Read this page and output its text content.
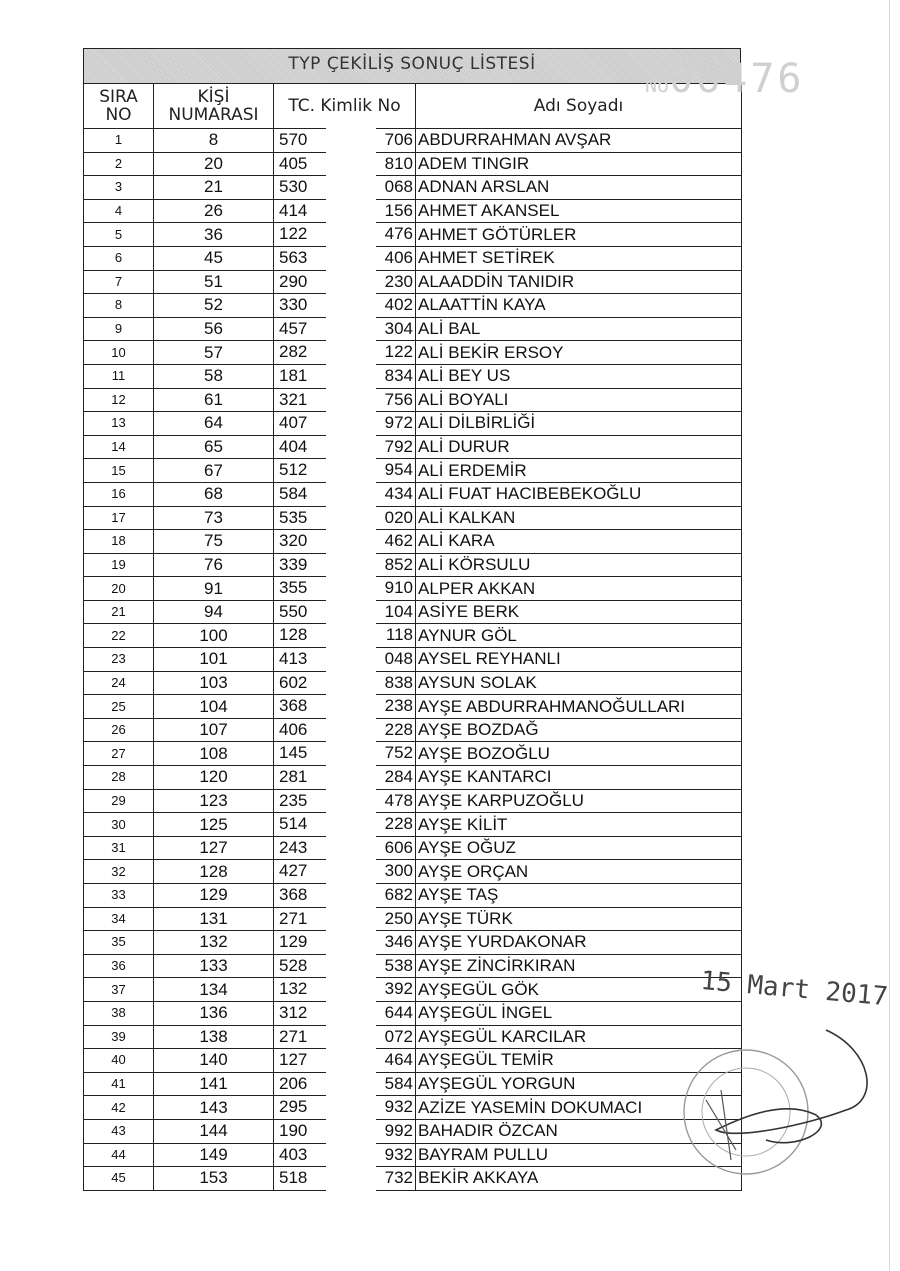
TYP ÇEKİLİŞ SONUÇ LİSTESİ
SIRA NO	KİŞİ NUMARASI	TC. Kimlik No	Adı Soyadı
1	8	570 706	ABDURRAHMAN AVŞAR
2	20	405 810	ADEM TINGIR
3	21	530 068	ADNAN ARSLAN
4	26	414 156	AHMET AKANSEL
5	36	122 476	AHMET GÖTÜRLER
6	45	563 406	AHMET SETİREK
7	51	290 230	ALAADDİN TANIDIR
8	52	330 402	ALAATTİN KAYA
9	56	457 304	ALİ BAL
10	57	282 122	ALİ BEKİR ERSOY
11	58	181 834	ALİ BEY US
12	61	321 756	ALİ BOYALI
13	64	407 972	ALİ DİLBİRLİĞİ
14	65	404 792	ALİ DURUR
15	67	512 954	ALİ ERDEMİR
16	68	584 434	ALİ FUAT HACIBEBEKOĞLU
17	73	535 020	ALİ KALKAN
18	75	320 462	ALİ KARA
19	76	339 852	ALİ KÖRSULU
20	91	355 910	ALPER AKKAN
21	94	550 104	ASİYE BERK
22	100	128 118	AYNUR GÖL
23	101	413 048	AYSEL REYHANLI
24	103	602 838	AYSUN SOLAK
25	104	368 238	AYŞE ABDURRAHMANOĞULLARI
26	107	406 228	AYŞE BOZDAĞ
27	108	145 752	AYŞE BOZOĞLU
28	120	281 284	AYŞE KANTARCI
29	123	235 478	AYŞE KARPUZOĞLU
30	125	514 228	AYŞE KİLİT
31	127	243 606	AYŞE OĞUZ
32	128	427 300	AYŞE ORÇAN
33	129	368 682	AYŞE TAŞ
34	131	271 250	AYŞE TÜRK
35	132	129 346	AYŞE YURDAKONAR
36	133	528 538	AYŞE ZİNCİRKIRAN
37	134	132 392	AYŞEGÜL GÖK
38	136	312 644	AYŞEGÜL İNGEL
39	138	271 072	AYŞEGÜL KARCILAR
40	140	127 464	AYŞEGÜL TEMİR
41	141	206 584	AYŞEGÜL YORGUN
42	143	295 932	AZİZE YASEMİN DOKUMACI
43	144	190 992	BAHADIR ÖZCAN
44	149	403 932	BAYRAM PULLU
45	153	518 732	BEKİR AKKAYA
No06476
15 Mart 2017
